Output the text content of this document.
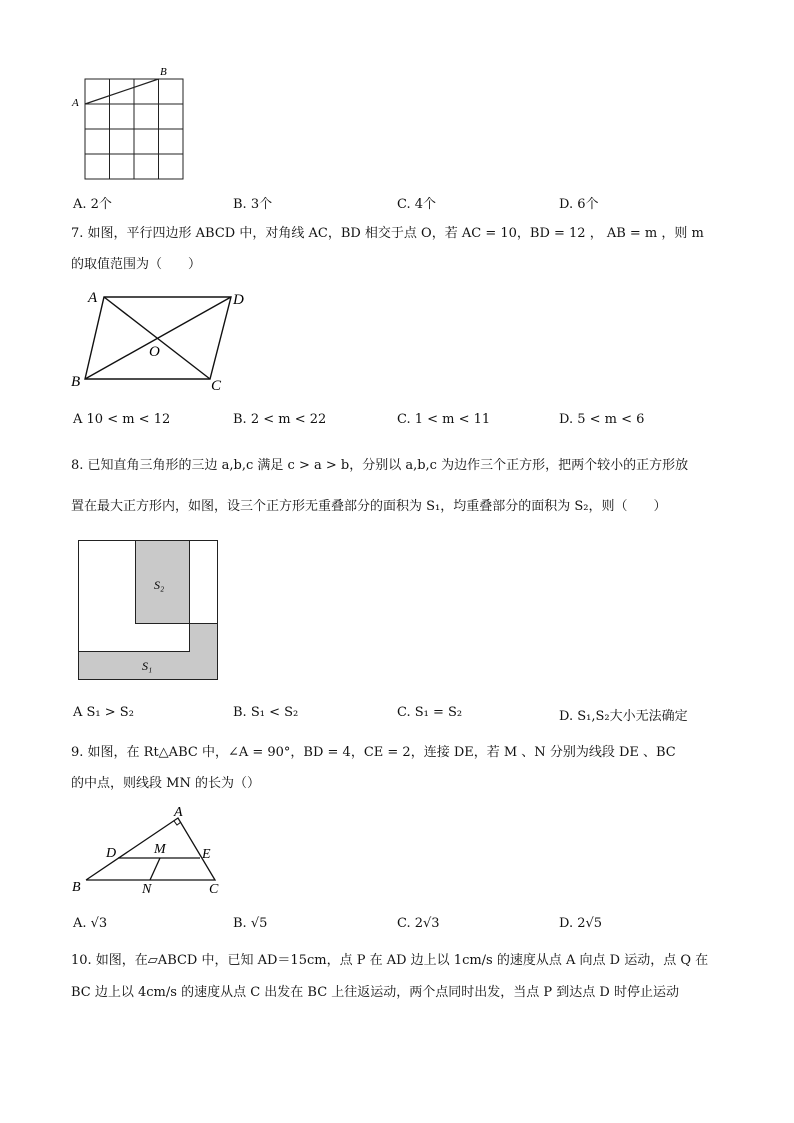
A
B
A. 2个	B. 3个	C. 4个	D. 6个
7. 如图，平行四边形 ABCD 中，对角线 AC，BD 相交于点 O，若 AC = 10，BD = 12 ， AB = m ，则 m
的取值范围为（　　）
A	D
O
B	C
A 10 < m < 12	B. 2 < m < 22	C. 1 < m < 11	D. 5 < m < 6
8. 已知直角三角形的三边 a,b,c 满足 c > a > b，分别以 a,b,c 为边作三个正方形，把两个较小的正方形放
置在最大正方形内，如图，设三个正方形无重叠部分的面积为 S₁，均重叠部分的面积为 S₂，则（　　）
S₂
S₁
A S₁ > S₂	B. S₁ < S₂	C. S₁ = S₂	D. S₁,S₂大小无法确定
9. 如图，在 Rt△ABC 中，∠A = 90°，BD = 4，CE = 2，连接 DE，若 M 、N 分别为线段 DE 、BC
的中点，则线段 MN 的长为（）
A
D	M	E
B	N	C
A. √3	B. √5	C. 2√3	D. 2√5
10. 如图，在▱ABCD 中，已知 AD＝15cm，点 P 在 AD 边上以 1cm/s 的速度从点 A 向点 D 运动，点 Q 在
BC 边上以 4cm/s 的速度从点 C 出发在 BC 上往返运动，两个点同时出发，当点 P 到达点 D 时停止运动
